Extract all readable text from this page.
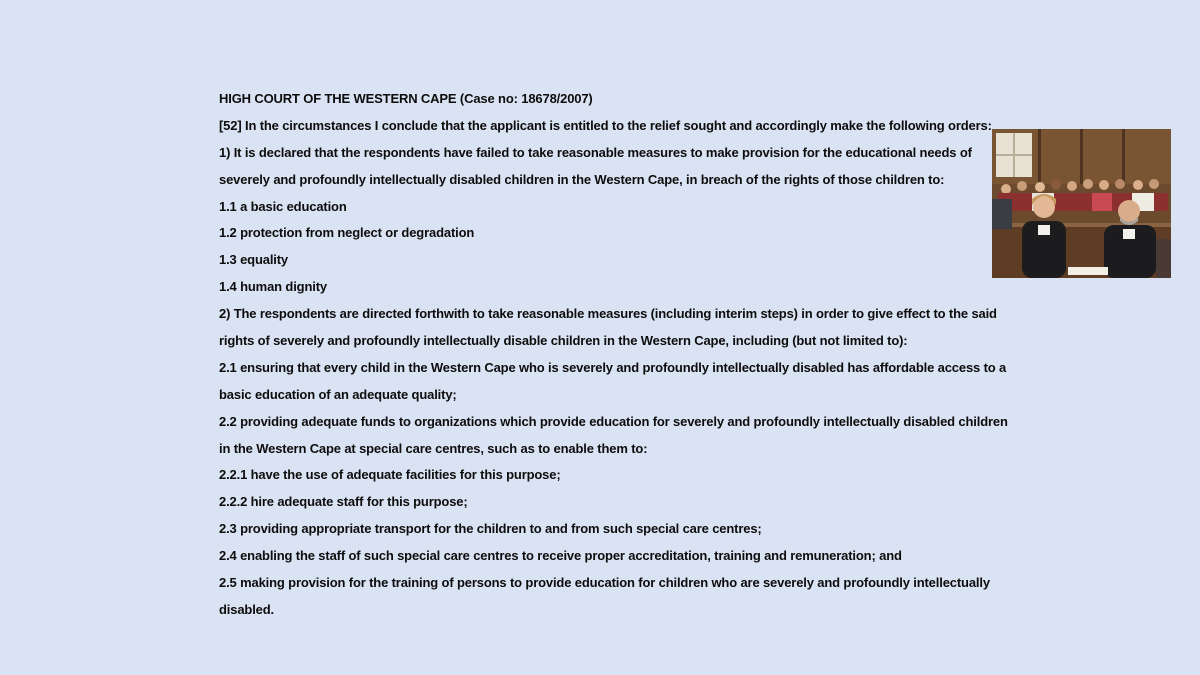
HIGH COURT OF THE WESTERN CAPE (Case no: 18678/2007)
[52] In the circumstances I conclude that the applicant is entitled to the relief sought and accordingly make the following orders:
1) It is declared that the respondents have failed to take reasonable measures to make provision for the educational needs of
severely and profoundly intellectually disabled children in the Western Cape, in breach of the rights of those children to:
1.1 a basic education
1.2 protection from neglect or degradation
1.3 equality
1.4 human dignity
2) The respondents are directed forthwith to take reasonable measures (including interim steps) in order to give effect to the said
rights of severely and profoundly intellectually disable children in the Western Cape, including (but not limited to):
2.1 ensuring that every child in the Western Cape who is severely and profoundly intellectually disabled has affordable access to a
basic education of an adequate quality;
2.2 providing adequate funds to organizations which provide education for severely and profoundly intellectually disabled children
in the Western Cape at special care centres, such as to enable them to:
2.2.1 have the use of adequate facilities for this purpose;
2.2.2 hire adequate staff for this purpose;
2.3 providing appropriate transport for the children to and from such special care centres;
2.4 enabling the staff of such special care centres to receive proper accreditation, training and remuneration; and
2.5 making provision for the training of persons to provide education for children who are severely and profoundly intellectually
disabled.
